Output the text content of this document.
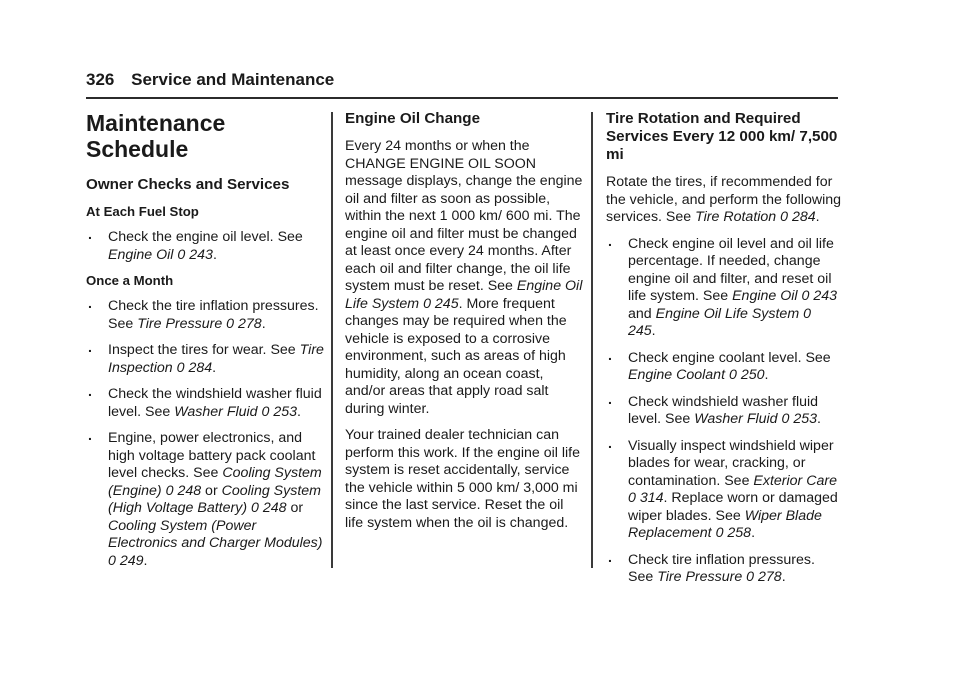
326 Service and Maintenance
Maintenance
Schedule
Owner Checks and Services
At Each Fuel Stop
. Check the engine oil level. See Engine Oil 0 243.
Once a Month
. Check the tire inflation pressures. See Tire Pressure 0 278.
. Inspect the tires for wear. See Tire Inspection 0 284.
. Check the windshield washer fluid level. See Washer Fluid 0 253.
. Engine, power electronics, and high voltage battery pack coolant level checks. See Cooling System (Engine) 0 248 or Cooling System (High Voltage Battery) 0 248 or Cooling System (Power Electronics and Charger Modules) 0 249.
Engine Oil Change

Every 24 months or when the CHANGE ENGINE OIL SOON message displays, change the engine oil and filter as soon as possible, within the next 1 000 km/ 600 mi. The engine oil and filter must be changed at least once every 24 months. After each oil and filter change, the oil life system must be reset. See Engine Oil Life System 0 245. More frequent changes may be required when the vehicle is exposed to a corrosive environment, such as areas of high humidity, along an ocean coast, and/or areas that apply road salt during winter.

Your trained dealer technician can perform this work. If the engine oil life system is reset accidentally, service the vehicle within 5 000 km/ 3,000 mi since the last service. Reset the oil life system when the oil is changed.

Tire Rotation and Required Services Every 12 000 km/ 7,500 mi

Rotate the tires, if recommended for the vehicle, and perform the following services. See Tire Rotation 0 284.

. Check engine oil level and oil life percentage. If needed, change engine oil and filter, and reset oil life system. See Engine Oil 0 243 and Engine Oil Life System 0 245.
. Check engine coolant level. See Engine Coolant 0 250.
. Check windshield washer fluid level. See Washer Fluid 0 253.
. Visually inspect windshield wiper blades for wear, cracking, or contamination. See Exterior Care 0 314. Replace worn or damaged wiper blades. See Wiper Blade Replacement 0 258.
. Check tire inflation pressures. See Tire Pressure 0 278.
